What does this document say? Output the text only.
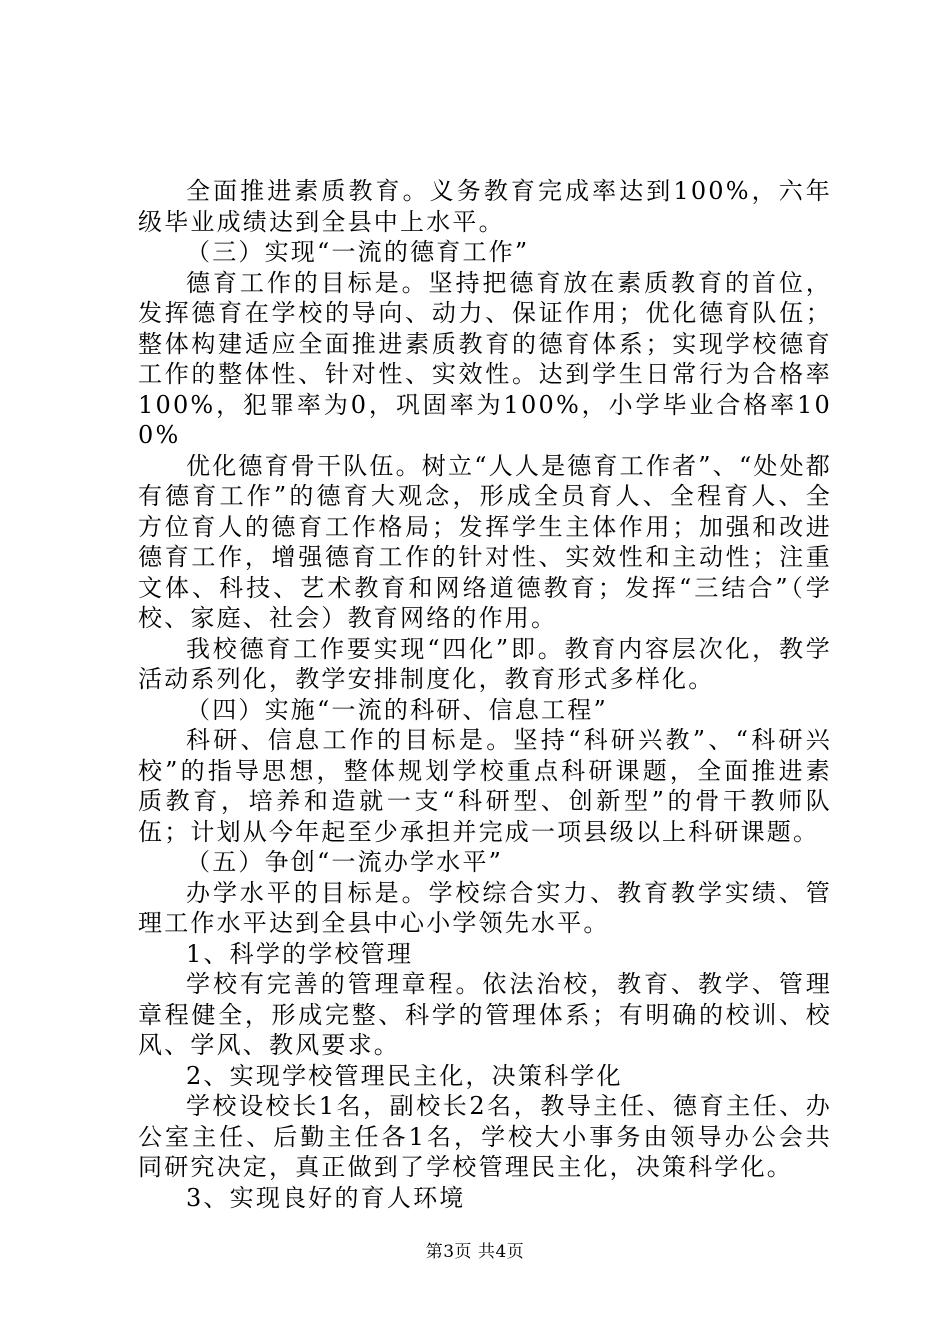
全面推进素质教育。义务教育完成率达到100%，六年级毕业成绩达到全县中上水平。

（三）实现“一流的德育工作”

德育工作的目标是。坚持把德育放在素质教育的首位，发挥德育在学校的导向、动力、保证作用；优化德育队伍；整体构建适应全面推进素质教育的德育体系；实现学校德育工作的整体性、针对性、实效性。达到学生日常行为合格率100%，犯罪率为0，巩固率为100%，小学毕业合格率100%

优化德育骨干队伍。树立“人人是德育工作者”、“处处都有德育工作”的德育大观念，形成全员育人、全程育人、全方位育人的德育工作格局；发挥学生主体作用；加强和改进德育工作，增强德育工作的针对性、实效性和主动性；注重文体、科技、艺术教育和网络道德教育；发挥“三结合”（学校、家庭、社会）教育网络的作用。

我校德育工作要实现“四化”即。教育内容层次化，教学活动系列化，教学安排制度化，教育形式多样化。

（四）实施“一流的科研、信息工程”

科研、信息工作的目标是。坚持“科研兴教”、“科研兴校”的指导思想，整体规划学校重点科研课题，全面推进素质教育，培养和造就一支“科研型、创新型”的骨干教师队伍；计划从今年起至少承担并完成一项县级以上科研课题。

（五）争创“一流办学水平”

办学水平的目标是。学校综合实力、教育教学实绩、管理工作水平达到全县中心小学领先水平。

1、科学的学校管理

学校有完善的管理章程。依法治校，教育、教学、管理章程健全，形成完整、科学的管理体系；有明确的校训、校风、学风、教风要求。

2、实现学校管理民主化，决策科学化

学校设校长1名，副校长2名，教导主任、德育主任、办公室主任、后勤主任各1名，学校大小事务由领导办公会共同研究决定，真正做到了学校管理民主化，决策科学化。

3、实现良好的育人环境

第3页 共4页
